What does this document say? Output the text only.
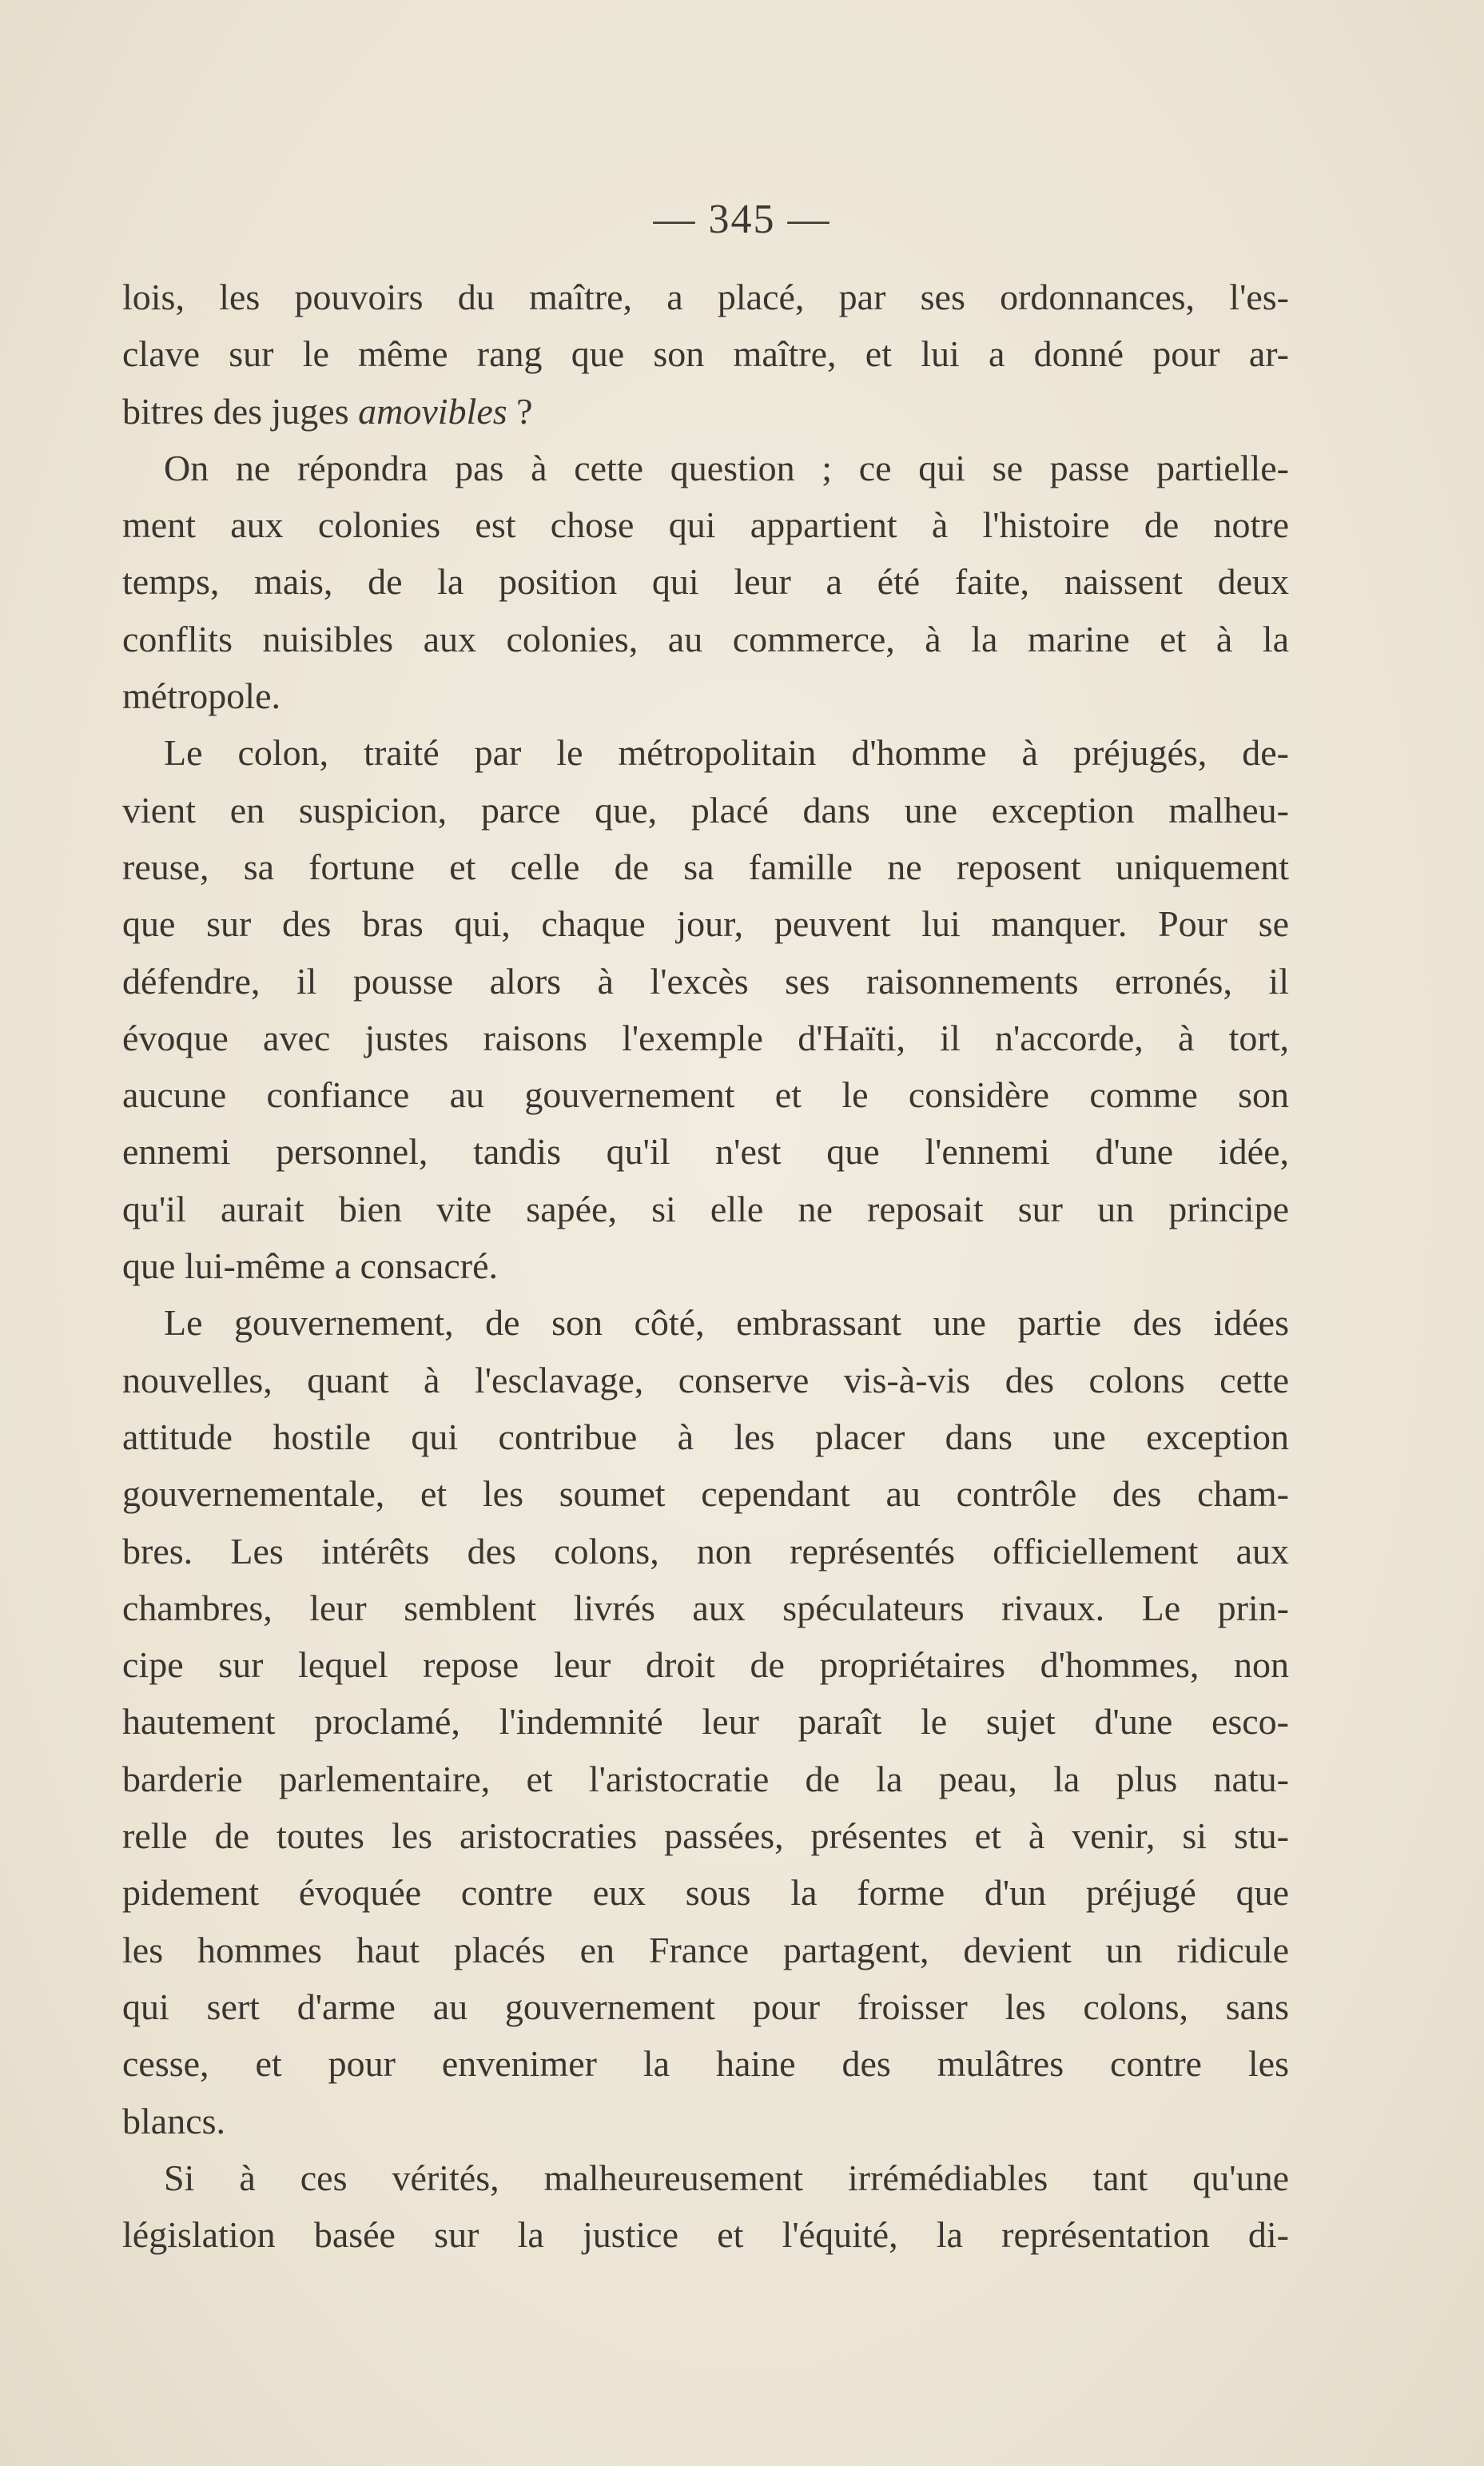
— 345 —
lois, les pouvoirs du maître, a placé, par ses ordonnances, l'es-
clave sur le même rang que son maître, et lui a donné pour ar-
bitres des juges amovibles ?
On ne répondra pas à cette question ; ce qui se passe partielle-
ment aux colonies est chose qui appartient à l'histoire de notre
temps, mais, de la position qui leur a été faite, naissent deux
conflits nuisibles aux colonies, au commerce, à la marine et à la
métropole.
Le colon, traité par le métropolitain d'homme à préjugés, de-
vient en suspicion, parce que, placé dans une exception malheu-
reuse, sa fortune et celle de sa famille ne reposent uniquement
que sur des bras qui, chaque jour, peuvent lui manquer. Pour se
défendre, il pousse alors à l'excès ses raisonnements erronés, il
évoque avec justes raisons l'exemple d'Haïti, il n'accorde, à tort,
aucune confiance au gouvernement et le considère comme son
ennemi personnel, tandis qu'il n'est que l'ennemi d'une idée,
qu'il aurait bien vite sapée, si elle ne reposait sur un principe
que lui-même a consacré.
Le gouvernement, de son côté, embrassant une partie des idées
nouvelles, quant à l'esclavage, conserve vis-à-vis des colons cette
attitude hostile qui contribue à les placer dans une exception
gouvernementale, et les soumet cependant au contrôle des cham-
bres. Les intérêts des colons, non représentés officiellement aux
chambres, leur semblent livrés aux spéculateurs rivaux. Le prin-
cipe sur lequel repose leur droit de propriétaires d'hommes, non
hautement proclamé, l'indemnité leur paraît le sujet d'une esco-
barderie parlementaire, et l'aristocratie de la peau, la plus natu-
relle de toutes les aristocraties passées, présentes et à venir, si stu-
pidement évoquée contre eux sous la forme d'un préjugé que
les hommes haut placés en France partagent, devient un ridicule
qui sert d'arme au gouvernement pour froisser les colons, sans
cesse, et pour envenimer la haine des mulâtres contre les
blancs.
Si à ces vérités, malheureusement irrémédiables tant qu'une
législation basée sur la justice et l'équité, la représentation di-
